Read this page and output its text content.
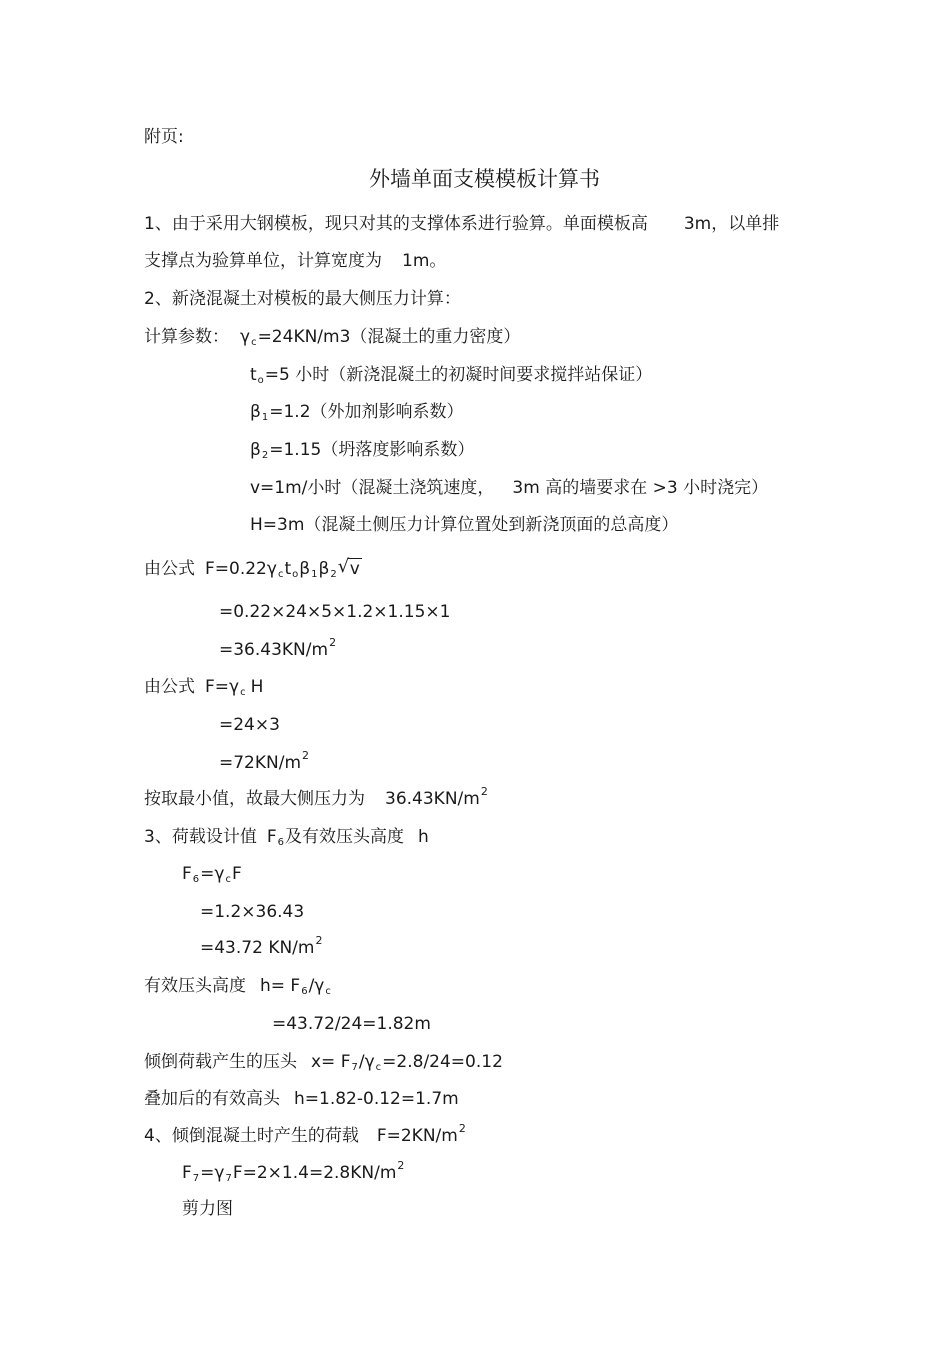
附页:
外墙单面支模模板计算书
1、由于采用大钢模板，现只对其的支撑体系进行验算。单面模板高 3m，以单排
支撑点为验算单位，计算宽度为 1m。
2、新浇混凝土对模板的最大侧压力计算：
计算参数： γc=24KN/m3（混凝土的重力密度）
to=5 小时（新浇混凝土的初凝时间要求搅拌站保证）
β1=1.2（外加剂影响系数）
β2=1.15（坍落度影响系数）
v=1m/小时（混凝土浇筑速度， 3m 高的墙要求在 >3 小时浇完）
H=3m（混凝土侧压力计算位置处到新浇顶面的总高度）
由公式 F=0.22γctoβ1β2 √ v
=0.22×24×5×1.2×1.15×1
$=36.43KN/m^2$
由公式 F=γc H
=24×3
$=72KN/m^2$
按取最小值，故最大侧压力为 $36.43KN/m^2$
3、荷载设计值 F6及有效压头高度 h
F6=γcF
=1.2×36.43
=43.72 $KN/m^2$
有效压头高度 h= F6/γc
=43.72/24=1.82m
倾倒荷载产生的压头 x= F7/γc=2.8/24=0.12
叠加后的有效高头 h=1.82-0.12=1.7m
4、倾倒混凝土时产生的荷载 $F=2KN/m^2$
$F7=\gamma 7F=2\times 1.4=2.8KN/m^2$
剪力图
